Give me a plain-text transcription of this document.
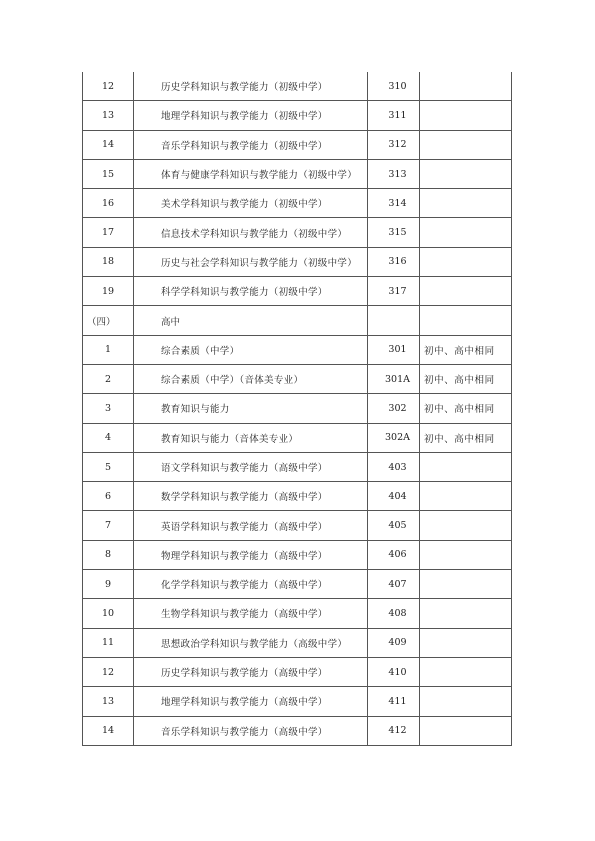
12	历史学科知识与教学能力（初级中学）	310	
13	地理学科知识与教学能力（初级中学）	311	
14	音乐学科知识与教学能力（初级中学）	312	
15	体育与健康学科知识与教学能力（初级中学）	313	
16	美术学科知识与教学能力（初级中学）	314	
17	信息技术学科知识与教学能力（初级中学）	315	
18	历史与社会学科知识与教学能力（初级中学）	316	
19	科学学科知识与教学能力（初级中学）	317	
（四）	高中		
1	综合素质（中学）	301	初中、高中相同
2	综合素质（中学）（音体美专业）	301A	初中、高中相同
3	教育知识与能力	302	初中、高中相同
4	教育知识与能力（音体美专业）	302A	初中、高中相同
5	语文学科知识与教学能力（高级中学）	403	
6	数学学科知识与教学能力（高级中学）	404	
7	英语学科知识与教学能力（高级中学）	405	
8	物理学科知识与教学能力（高级中学）	406	
9	化学学科知识与教学能力（高级中学）	407	
10	生物学科知识与教学能力（高级中学）	408	
11	思想政治学科知识与教学能力（高级中学）	409	
12	历史学科知识与教学能力（高级中学）	410	
13	地理学科知识与教学能力（高级中学）	411	
14	音乐学科知识与教学能力（高级中学）	412	
